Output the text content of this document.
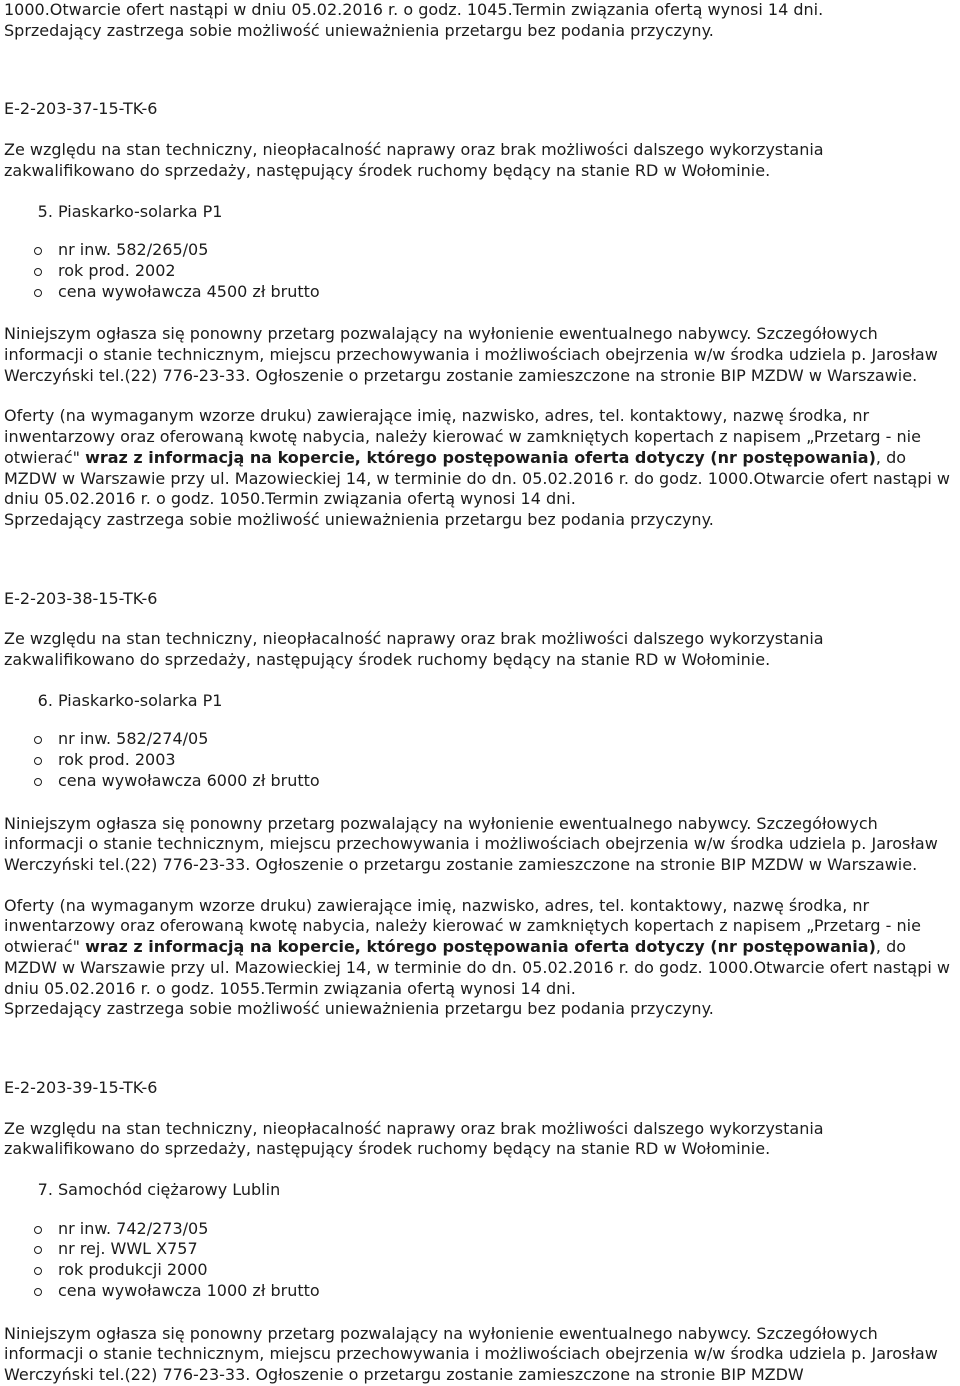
1000.Otwarcie ofert nastąpi w dniu 05.02.2016 r. o godz. 1045.Termin związania ofertą wynosi 14 dni.

Sprzedający zastrzega sobie możliwość unieważnienia przetargu bez podania przyczyny.

E-2-203-37-15-TK-6

Ze względu na stan techniczny, nieopłacalność naprawy oraz brak możliwości dalszego wykorzystania zakwalifikowano do sprzedaży, następujący środek ruchomy będący na stanie RD w Wołominie.

5. Piaskarko-solarka P1
nr inw. 582/265/05
rok prod. 2002
cena wywoławcza 4500 zł brutto

Niniejszym ogłasza się ponowny przetarg pozwalający na wyłonienie ewentualnego nabywcy. Szczegółowych informacji o stanie technicznym, miejscu przechowywania i możliwościach obejrzenia w/w środka udziela p. Jarosław Werczyński tel.(22) 776-23-33. Ogłoszenie o przetargu zostanie zamieszczone na stronie BIP MZDW w Warszawie.

Oferty (na wymaganym wzorze druku) zawierające imię, nazwisko, adres, tel. kontaktowy, nazwę środka, nr inwentarzowy oraz oferowaną kwotę nabycia, należy kierować w zamkniętych kopertach z napisem „Przetarg - nie otwierać" wraz z informacją na kopercie, którego postępowania oferta dotyczy (nr postępowania), do MZDW w Warszawie przy ul. Mazowieckiej 14, w terminie do dn. 05.02.2016 r. do godz. 1000.Otwarcie ofert nastąpi w dniu 05.02.2016 r. o godz. 1050.Termin związania ofertą wynosi 14 dni.

Sprzedający zastrzega sobie możliwość unieważnienia przetargu bez podania przyczyny.

E-2-203-38-15-TK-6

Ze względu na stan techniczny, nieopłacalność naprawy oraz brak możliwości dalszego wykorzystania zakwalifikowano do sprzedaży, następujący środek ruchomy będący na stanie RD w Wołominie.

6. Piaskarko-solarka P1
nr inw. 582/274/05
rok prod. 2003
cena wywoławcza 6000 zł brutto

Niniejszym ogłasza się ponowny przetarg pozwalający na wyłonienie ewentualnego nabywcy. Szczegółowych informacji o stanie technicznym, miejscu przechowywania i możliwościach obejrzenia w/w środka udziela p. Jarosław Werczyński tel.(22) 776-23-33. Ogłoszenie o przetargu zostanie zamieszczone na stronie BIP MZDW w Warszawie.

Oferty (na wymaganym wzorze druku) zawierające imię, nazwisko, adres, tel. kontaktowy, nazwę środka, nr inwentarzowy oraz oferowaną kwotę nabycia, należy kierować w zamkniętych kopertach z napisem „Przetarg - nie otwierać" wraz z informacją na kopercie, którego postępowania oferta dotyczy (nr postępowania), do MZDW w Warszawie przy ul. Mazowieckiej 14, w terminie do dn. 05.02.2016 r. do godz. 1000.Otwarcie ofert nastąpi w dniu 05.02.2016 r. o godz. 1055.Termin związania ofertą wynosi 14 dni.

Sprzedający zastrzega sobie możliwość unieważnienia przetargu bez podania przyczyny.

E-2-203-39-15-TK-6

Ze względu na stan techniczny, nieopłacalność naprawy oraz brak możliwości dalszego wykorzystania zakwalifikowano do sprzedaży, następujący środek ruchomy będący na stanie RD w Wołominie.

7. Samochód ciężarowy Lublin
nr inw. 742/273/05
nr rej. WWL X757
rok produkcji 2000
cena wywoławcza 1000 zł brutto

Niniejszym ogłasza się ponowny przetarg pozwalający na wyłonienie ewentualnego nabywcy. Szczegółowych informacji o stanie technicznym, miejscu przechowywania i możliwościach obejrzenia w/w środka udziela p. Jarosław Werczyński tel.(22) 776-23-33. Ogłoszenie o przetargu zostanie zamieszczone na stronie BIP MZDW
